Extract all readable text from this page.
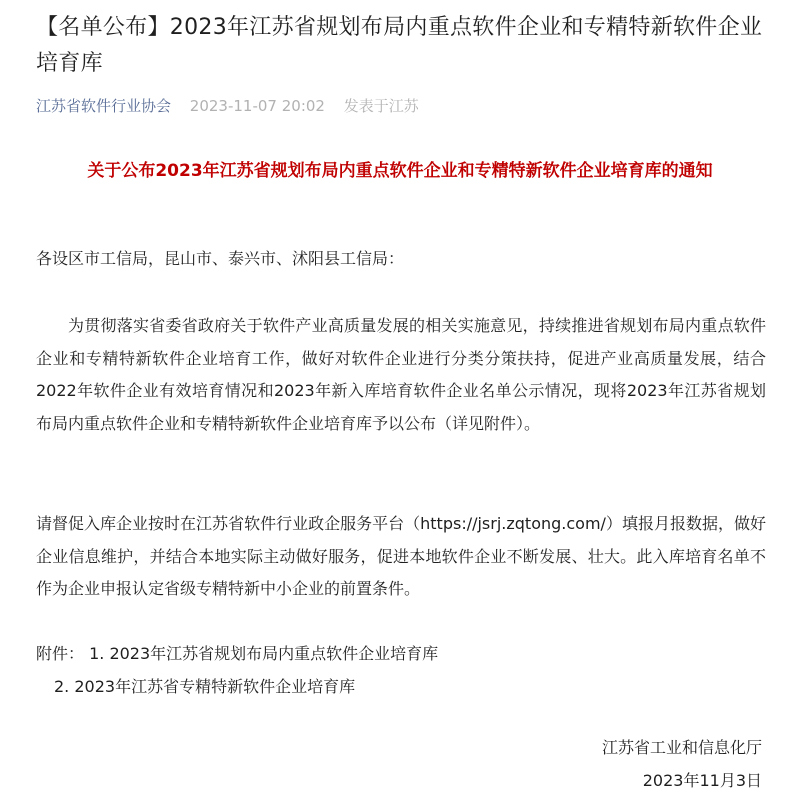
【名单公布】2023年江苏省规划布局内重点软件企业和专精特新软件企业培育库
江苏省软件行业协会 2023-11-07 20:02 发表于江苏
关于公布2023年江苏省规划布局内重点软件企业和专精特新软件企业培育库的通知

各设区市工信局，昆山市、泰兴市、沭阳县工信局：

为贯彻落实省委省政府关于软件产业高质量发展的相关实施意见，持续推进省规划布局内重点软件企业和专精特新软件企业培育工作，做好对软件企业进行分类分策扶持，促进产业高质量发展，结合2022年软件企业有效培育情况和2023年新入库培育软件企业名单公示情况，现将2023年江苏省规划布局内重点软件企业和专精特新软件企业培育库予以公布（详见附件）。

请督促入库企业按时在江苏省软件行业政企服务平台（https://jsrj.zqtong.com/）填报月报数据，做好企业信息维护，并结合本地实际主动做好服务，促进本地软件企业不断发展、壮大。此入库培育名单不作为企业申报认定省级专精特新中小企业的前置条件。

附件： 1. 2023年江苏省规划布局内重点软件企业培育库

2. 2023年江苏省专精特新软件企业培育库

江苏省工业和信息化厅
2023年11月3日
